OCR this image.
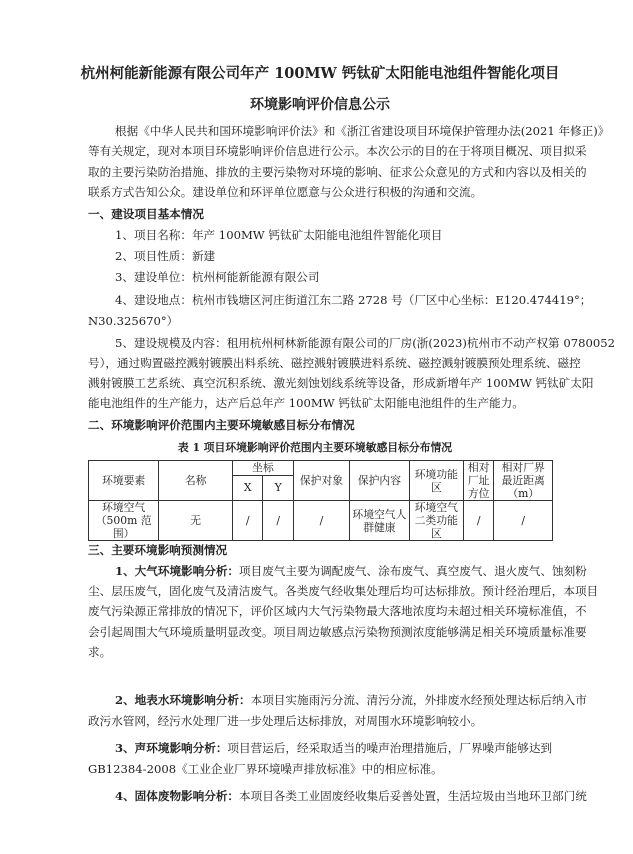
杭州柯能新能源有限公司年产 100MW 钙钛矿太阳能电池组件智能化项目
环境影响评价信息公示
根据《中华人民共和国环境影响评价法》和《浙江省建设项目环境保护管理办法(2021 年修正)》
等有关规定，现对本项目环境影响评价信息进行公示。本次公示的目的在于将项目概况、项目拟采
取的主要污染防治措施、排放的主要污染物对环境的影响、征求公众意见的方式和内容以及相关的
联系方式告知公众。建设单位和环评单位愿意与公众进行积极的沟通和交流。
一、建设项目基本情况
1、项目名称：年产 100MW 钙钛矿太阳能电池组件智能化项目
2、项目性质：新建
3、建设单位：杭州柯能新能源有限公司
4、建设地点：杭州市钱塘区河庄街道江东二路 2728 号（厂区中心坐标：E120.474419°；
N30.325670°）
5、建设规模及内容：租用杭州柯林新能源有限公司的厂房(浙(2023)杭州市不动产权第 0780052
号），通过购置磁控溅射镀膜出料系统、磁控溅射镀膜进料系统、磁控溅射镀膜预处理系统、磁控
溅射镀膜工艺系统、真空沉积系统、激光刻蚀划线系统等设备，形成新增年产 100MW 钙钛矿太阳
能电池组件的生产能力，达产后总年产 100MW 钙钛矿太阳能电池组件的生产能力。
二、环境影响评价范围内主要环境敏感目标分布情况
表 1 项目环境影响评价范围内主要环境敏感目标分布情况
环境要素	名称	坐标		保护对象	保护内容	环境功能区	相对厂址方位	相对厂界最近距离（m）
		X	Y					
环境空气（500m 范围）	无	/	/	/	环境空气人群健康	环境空气二类功能区	/	/
三、主要环境影响预测情况
1、大气环境影响分析：项目废气主要为调配废气、涂布废气、真空废气、退火废气、蚀刻粉
尘、层压废气，固化废气及清洁废气。各类废气经收集处理后均可达标排放。预计经治理后，本项目
废气污染源正常排放的情况下，评价区域内大气污染物最大落地浓度均未超过相关环境标准值，不
会引起周围大气环境质量明显改变。项目周边敏感点污染物预测浓度能够满足相关环境质量标准要
求。
2、地表水环境影响分析：本项目实施雨污分流、清污分流，外排废水经预处理达标后纳入市
政污水管网，经污水处理厂进一步处理后达标排放，对周围水环境影响较小。
3、声环境影响分析：项目营运后，经采取适当的噪声治理措施后，厂界噪声能够达到
GB12384-2008《工业企业厂界环境噪声排放标准》中的相应标准。
4、固体废物影响分析：本项目各类工业固废经收集后妥善处置，生活垃圾由当地环卫部门统
